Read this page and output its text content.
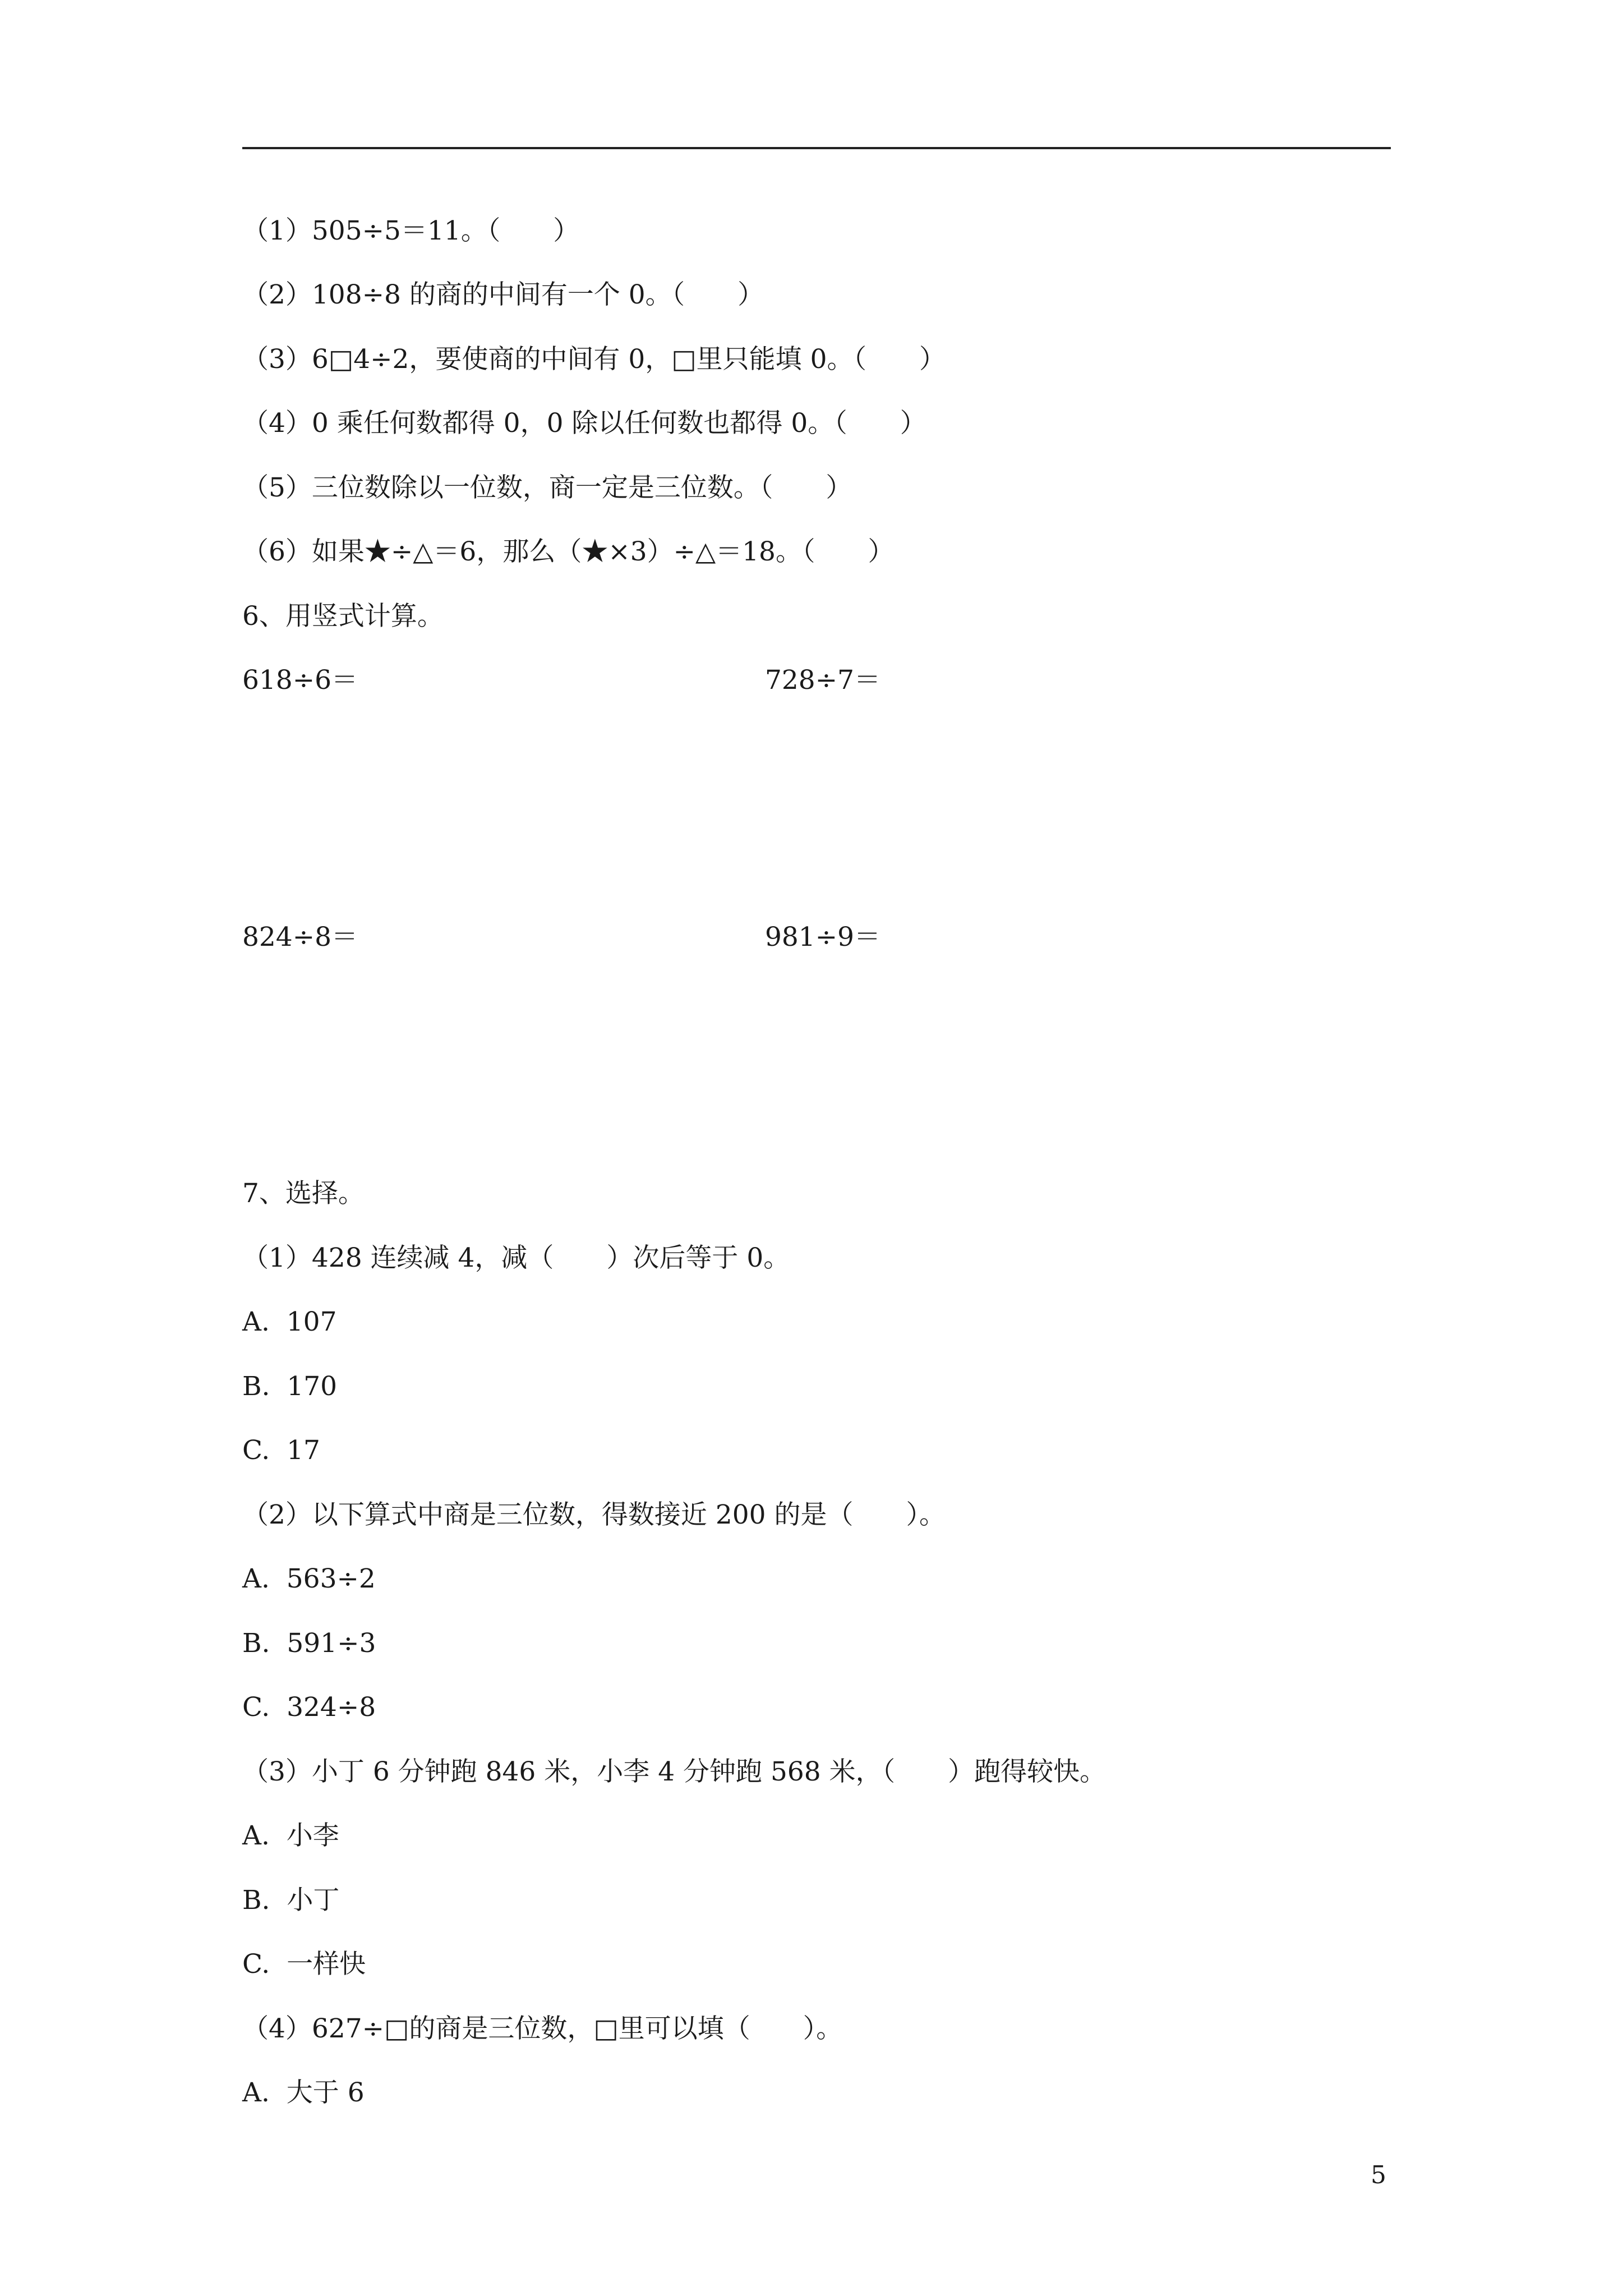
（1）505÷5＝11。（　　）
（2）108÷8 的商的中间有一个 0。（　　）
（3）6□4÷2，要使商的中间有 0，□里只能填 0。（　　）
（4）0 乘任何数都得 0，0 除以任何数也都得 0。（　　）
（5）三位数除以一位数，商一定是三位数。（　　）
（6）如果★÷△＝6，那么（★×3）÷△＝18。（　　）
6、用竖式计算。
618÷6＝	728÷7＝
824÷8＝	981÷9＝
7、选择。
（1）428 连续减 4，减（　　）次后等于 0。
A.  107
B.  170
C.  17
（2）以下算式中商是三位数，得数接近 200 的是（　　）。
A.  563÷2
B.  591÷3
C.  324÷8
（3）小丁 6 分钟跑 846 米，小李 4 分钟跑 568 米，（　　）跑得较快。
A.  小李
B.  小丁
C.  一样快
（4）627÷□的商是三位数，□里可以填（　　）。
A.  大于 6
5
